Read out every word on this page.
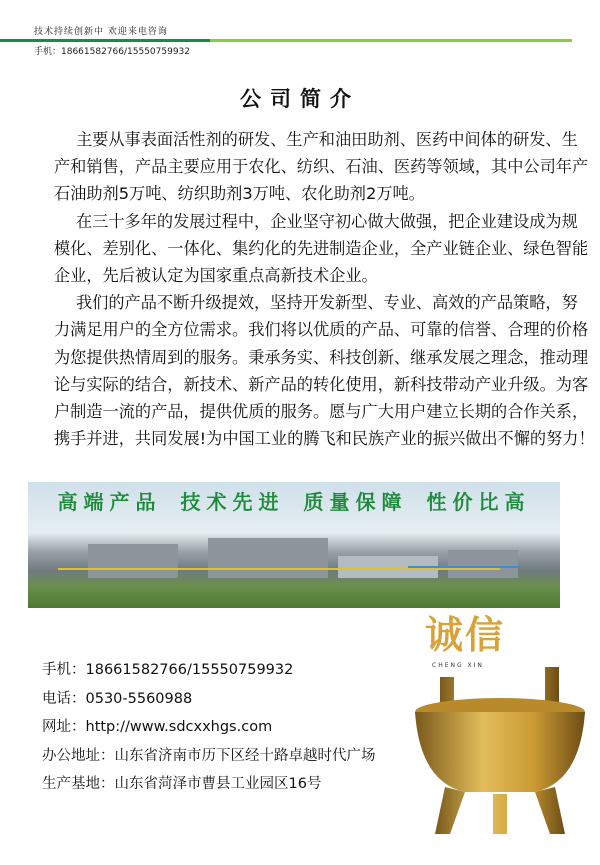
技术持续创新中 欢迎来电咨询
手机：18661582766/15550759932
公司简介
主要从事表面活性剂的研发、生产和油田助剂、医药中间体的研发、生
产和销售，产品主要应用于农化、纺织、石油、医药等领域，其中公司年产
石油助剂5万吨、纺织助剂3万吨、农化助剂2万吨。
在三十多年的发展过程中，企业坚守初心做大做强，把企业建设成为规
模化、差别化、一体化、集约化的先进制造企业，全产业链企业、绿色智能
企业，先后被认定为国家重点高新技术企业。
我们的产品不断升级提效，坚持开发新型、专业、高效的产品策略，努
力满足用户的全方位需求。我们将以优质的产品、可靠的信誉、合理的价格
为您提供热情周到的服务。秉承务实、科技创新、继承发展之理念，推动理
论与实际的结合，新技术、新产品的转化使用，新科技带动产业升级。为客
户制造一流的产品，提供优质的服务。愿与广大用户建立长期的合作关系，
携手并进，共同发展!为中国工业的腾飞和民族产业的振兴做出不懈的努力！
高端产品 技术先进 质量保障 性价比高
手机：18661582766/15550759932
电话：0530-5560988
网址：http://www.sdcxxhgs.com
办公地址：山东省济南市历下区经十路卓越时代广场
生产基地：山东省菏泽市曹县工业园区16号
诚信
CHENG XIN
